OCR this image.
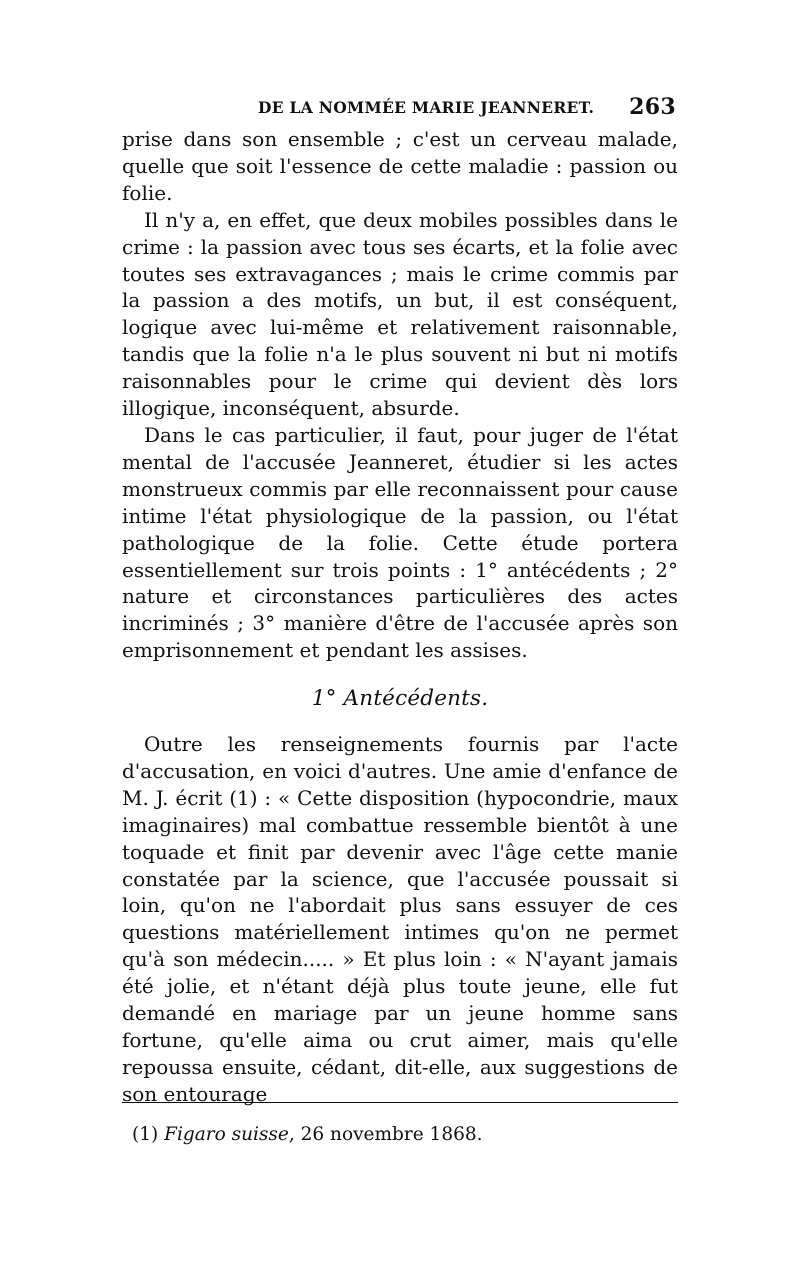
DE LA NOMMÉE MARIE JEANNERET. 263

prise dans son ensemble ; c'est un cerveau malade, quelle que soit l'essence de cette maladie : passion ou folie.

Il n'y a, en effet, que deux mobiles possibles dans le crime : la passion avec tous ses écarts, et la folie avec toutes ses extravagances ; mais le crime commis par la passion a des motifs, un but, il est conséquent, logique avec lui-même et relativement raisonnable, tandis que la folie n'a le plus souvent ni but ni motifs raisonnables pour le crime qui devient dès lors illogique, inconséquent, absurde.

Dans le cas particulier, il faut, pour juger de l'état mental de l'accusée Jeanneret, étudier si les actes monstrueux commis par elle reconnaissent pour cause intime l'état physiologique de la passion, ou l'état pathologique de la folie. Cette étude portera essentiellement sur trois points : 1° antécédents ; 2° nature et circonstances particulières des actes incriminés ; 3° manière d'être de l'accusée après son emprisonnement et pendant les assises.

1° Antécédents.

Outre les renseignements fournis par l'acte d'accusation, en voici d'autres. Une amie d'enfance de M. J. écrit (1) : « Cette disposition (hypocondrie, maux imaginaires) mal combattue ressemble bientôt à une toquade et finit par devenir avec l'âge cette manie constatée par la science, que l'accusée poussait si loin, qu'on ne l'abordait plus sans essuyer de ces questions matériellement intimes qu'on ne permet qu'à son médecin..... » Et plus loin : « N'ayant jamais été jolie, et n'étant déjà plus toute jeune, elle fut demandé en mariage par un jeune homme sans fortune, qu'elle aima ou crut aimer, mais qu'elle repoussa ensuite, cédant, dit-elle, aux suggestions de son entourage

(1) Figaro suisse, 26 novembre 1868.
